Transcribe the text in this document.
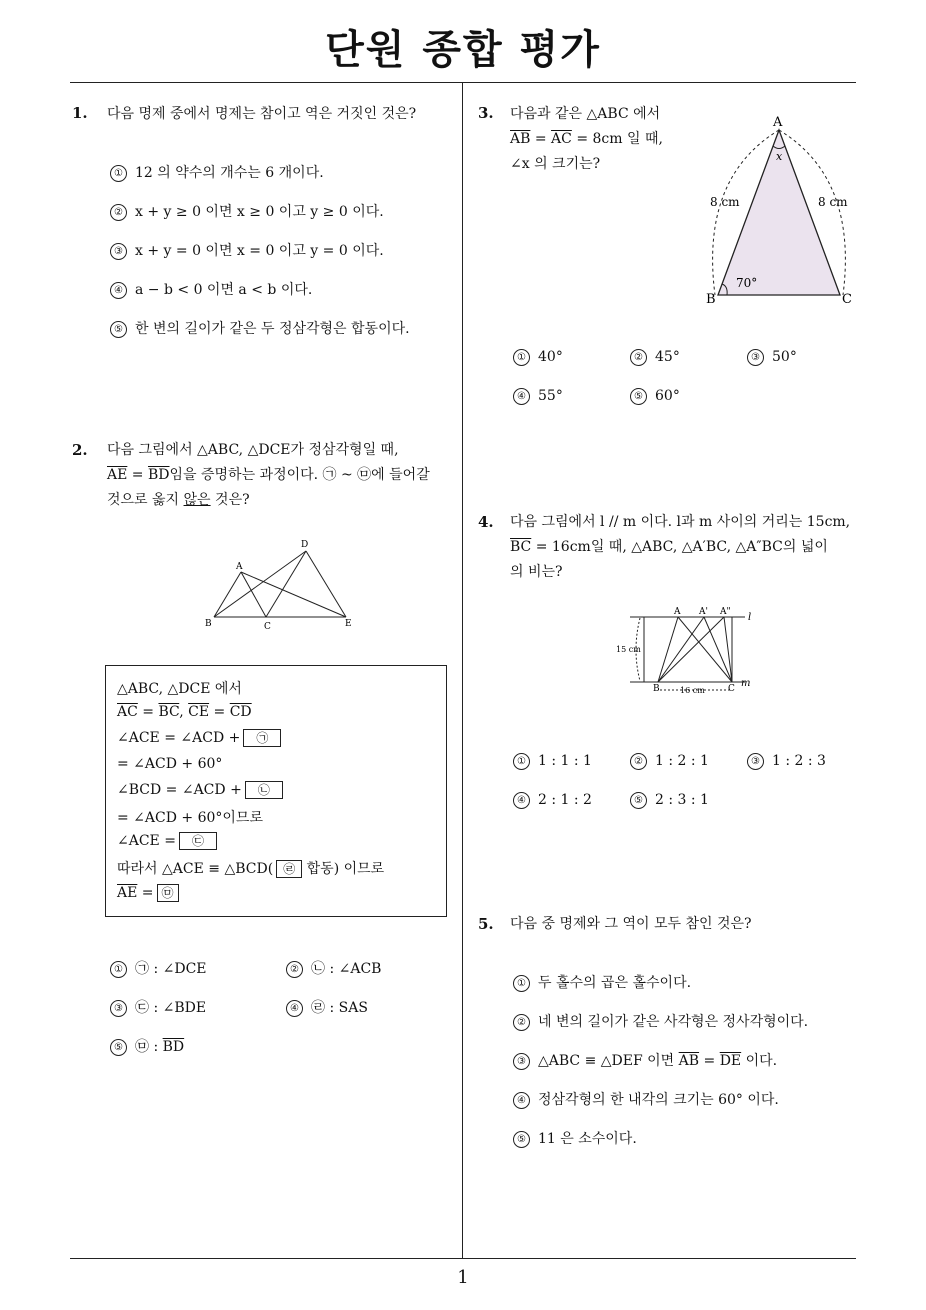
단원 종합 평가
1
1. 다음 명제 중에서 명제는 참이고 역은 거짓인 것은?
① 12 의 약수의 개수는 6 개이다.
② x + y ≥ 0 이면 x ≥ 0 이고 y ≥ 0 이다.
③ x + y = 0 이면 x = 0 이고 y = 0 이다.
④ a − b < 0 이면 a < b 이다.
⑤ 한 변의 길이가 같은 두 정삼각형은 합동이다.
2. 다음 그림에서 △ABC, △DCE가 정삼각형일 때,
$\overline{AE} = \overline{BD}$임을 증명하는 과정이다. ㉠ ~ ㉤에 들어갈
것으로 옳지 않은 것은?
D
A
B	C	E
△ABC, △DCE 에서
$\overline{AC} = \overline{BC}$, $\overline{CE} = \overline{CD}$
∠ACE = ∠ACD + ㉠
= ∠ACD + 60°
∠BCD = ∠ACD + ㉡
= ∠ACD + 60°이므로
∠ACE = ㉢
따라서 △ACE ≡ △BCD( ㉣ 합동) 이므로
$\overline{AE}$ = ㉤
① ㉠ : ∠DCE	② ㉡ : ∠ACB
③ ㉢ : ∠BDE	④ ㉣ : SAS
⑤ ㉤ : $\overline{BD}$
3. 다음과 같은 △ABC 에서
$\overline{AB} = \overline{AC} = 8cm$ 일 때,
∠x 의 크기는?
A
x
8 cm	8 cm
70°
B	C
① 40°	② 45°	③ 50°
④ 55°	⑤ 60°
4. 다음 그림에서 l // m 이다. l과 m 사이의 거리는 15cm,
$\overline{BC} = 16cm$일 때, △ABC, △A′BC, △A″BC의 넓이
의 비는?
A A' A" l
m
15 cm
B	C
16 cm
① 1 : 1 : 1	② 1 : 2 : 1	③ 1 : 2 : 3
④ 2 : 1 : 2	⑤ 2 : 3 : 1
5. 다음 중 명제와 그 역이 모두 참인 것은?
① 두 홀수의 곱은 홀수이다.
② 네 변의 길이가 같은 사각형은 정사각형이다.
③ △ABC ≡ △DEF 이면 $\overline{AB} = \overline{DE}$ 이다.
④ 정삼각형의 한 내각의 크기는 60° 이다.
⑤ 11 은 소수이다.
